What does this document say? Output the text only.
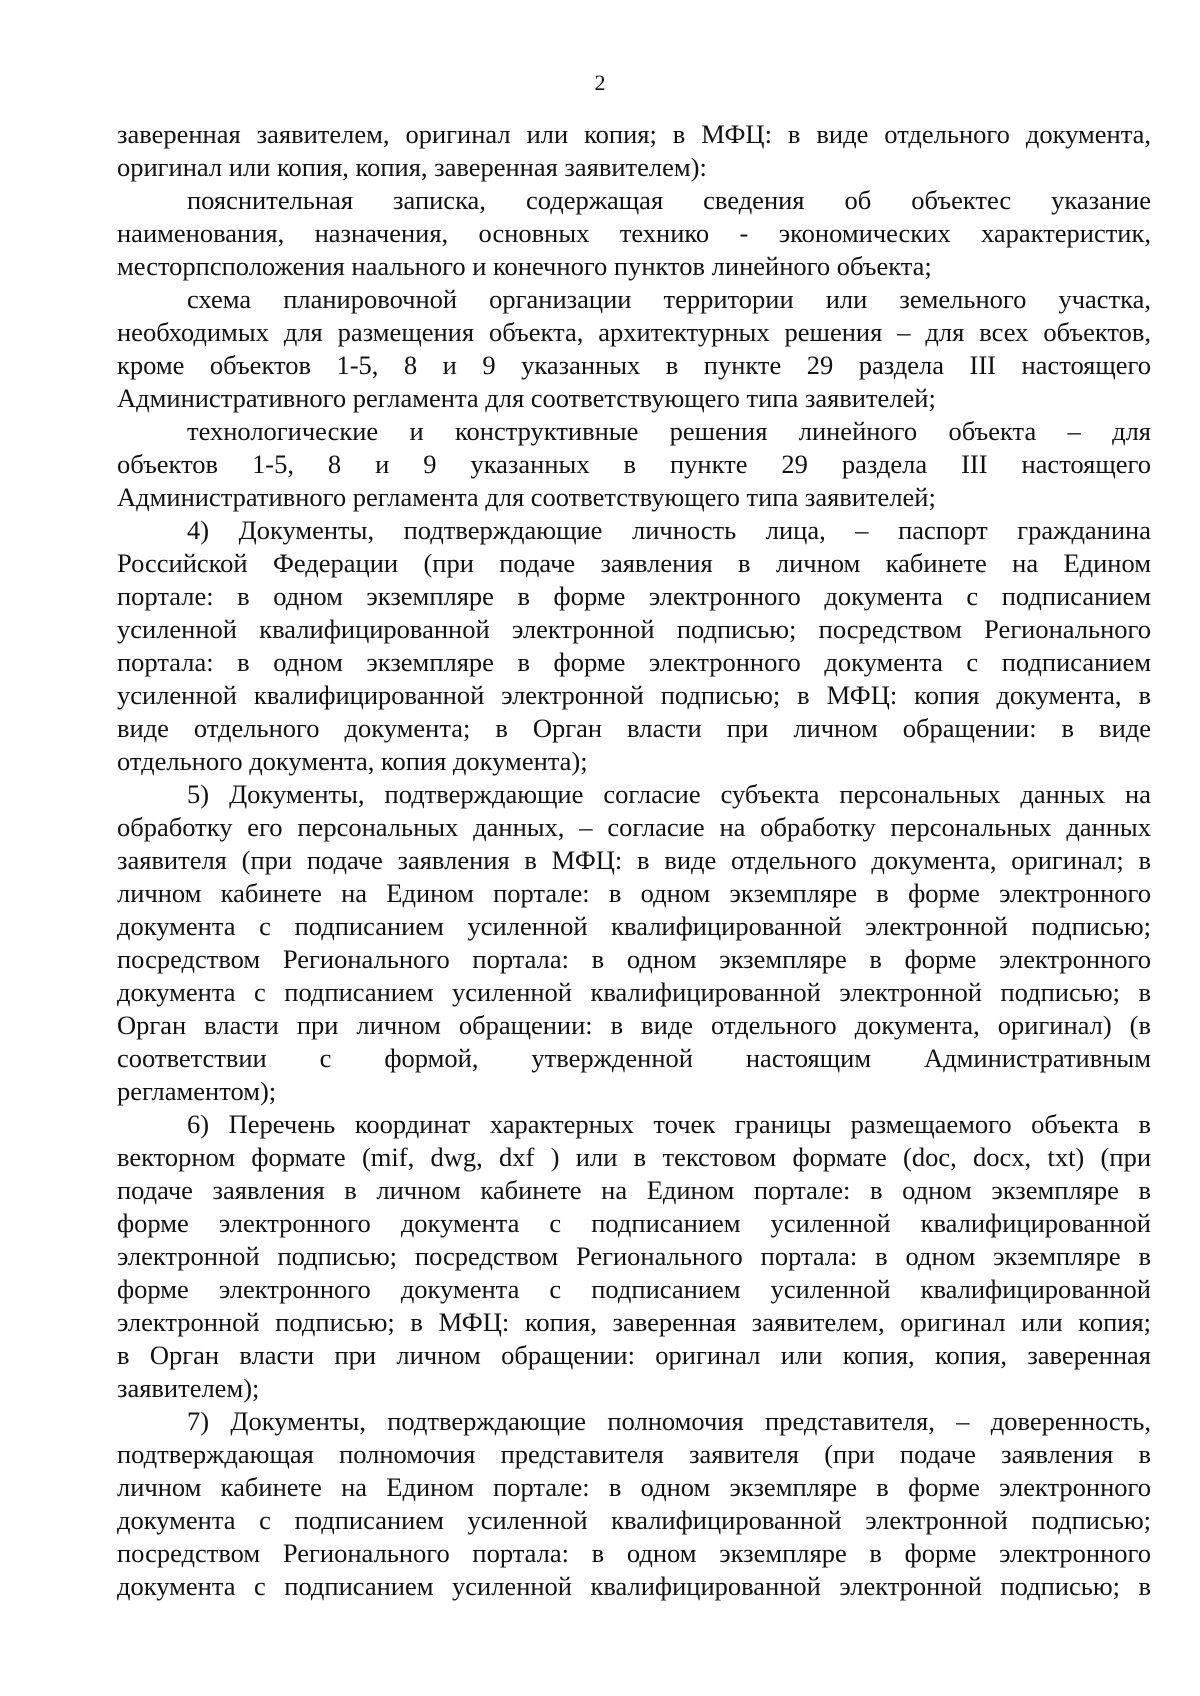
2
заверенная заявителем, оригинал или копия; в МФЦ: в виде отдельного документа,
оригинал или копия, копия, заверенная заявителем):
пояснительная записка, содержащая сведения об объектес указание
наименования, назначения, основных технико - экономических характеристик,
месторпсположения наального и конечного пунктов линейного объекта;
схема планировочной организации территории или земельного участка,
необходимых для размещения объекта, архитектурных решения – для всех объектов,
кроме объектов 1-5, 8 и 9 указанных в пункте 29 раздела III настоящего
Административного регламента для соответствующего типа заявителей;
технологические и конструктивные решения линейного объекта – для
объектов 1-5, 8 и 9 указанных в пункте 29 раздела III настоящего
Административного регламента для соответствующего типа заявителей;
4) Документы, подтверждающие личность лица, – паспорт гражданина
Российской Федерации (при подаче заявления в личном кабинете на Едином
портале: в одном экземпляре в форме электронного документа с подписанием
усиленной квалифицированной электронной подписью; посредством Регионального
портала: в одном экземпляре в форме электронного документа с подписанием
усиленной квалифицированной электронной подписью; в МФЦ: копия документа, в
виде отдельного документа; в Орган власти при личном обращении: в виде
отдельного документа, копия документа);
5) Документы, подтверждающие согласие субъекта персональных данных на
обработку его персональных данных, – согласие на обработку персональных данных
заявителя (при подаче заявления в МФЦ: в виде отдельного документа, оригинал; в
личном кабинете на Едином портале: в одном экземпляре в форме электронного
документа с подписанием усиленной квалифицированной электронной подписью;
посредством Регионального портала: в одном экземпляре в форме электронного
документа с подписанием усиленной квалифицированной электронной подписью; в
Орган власти при личном обращении: в виде отдельного документа, оригинал) (в
соответствии с формой, утвержденной настоящим Административным
регламентом);
6) Перечень координат характерных точек границы размещаемого объекта в
векторном формате (mif, dwg, dxf ) или в текстовом формате (doc, docx, txt) (при
подаче заявления в личном кабинете на Едином портале: в одном экземпляре в
форме электронного документа с подписанием усиленной квалифицированной
электронной подписью; посредством Регионального портала: в одном экземпляре в
форме электронного документа с подписанием усиленной квалифицированной
электронной подписью; в МФЦ: копия, заверенная заявителем, оригинал или копия;
в Орган власти при личном обращении: оригинал или копия, копия, заверенная
заявителем);
7) Документы, подтверждающие полномочия представителя, – доверенность,
подтверждающая полномочия представителя заявителя (при подаче заявления в
личном кабинете на Едином портале: в одном экземпляре в форме электронного
документа с подписанием усиленной квалифицированной электронной подписью;
посредством Регионального портала: в одном экземпляре в форме электронного
документа с подписанием усиленной квалифицированной электронной подписью; в
